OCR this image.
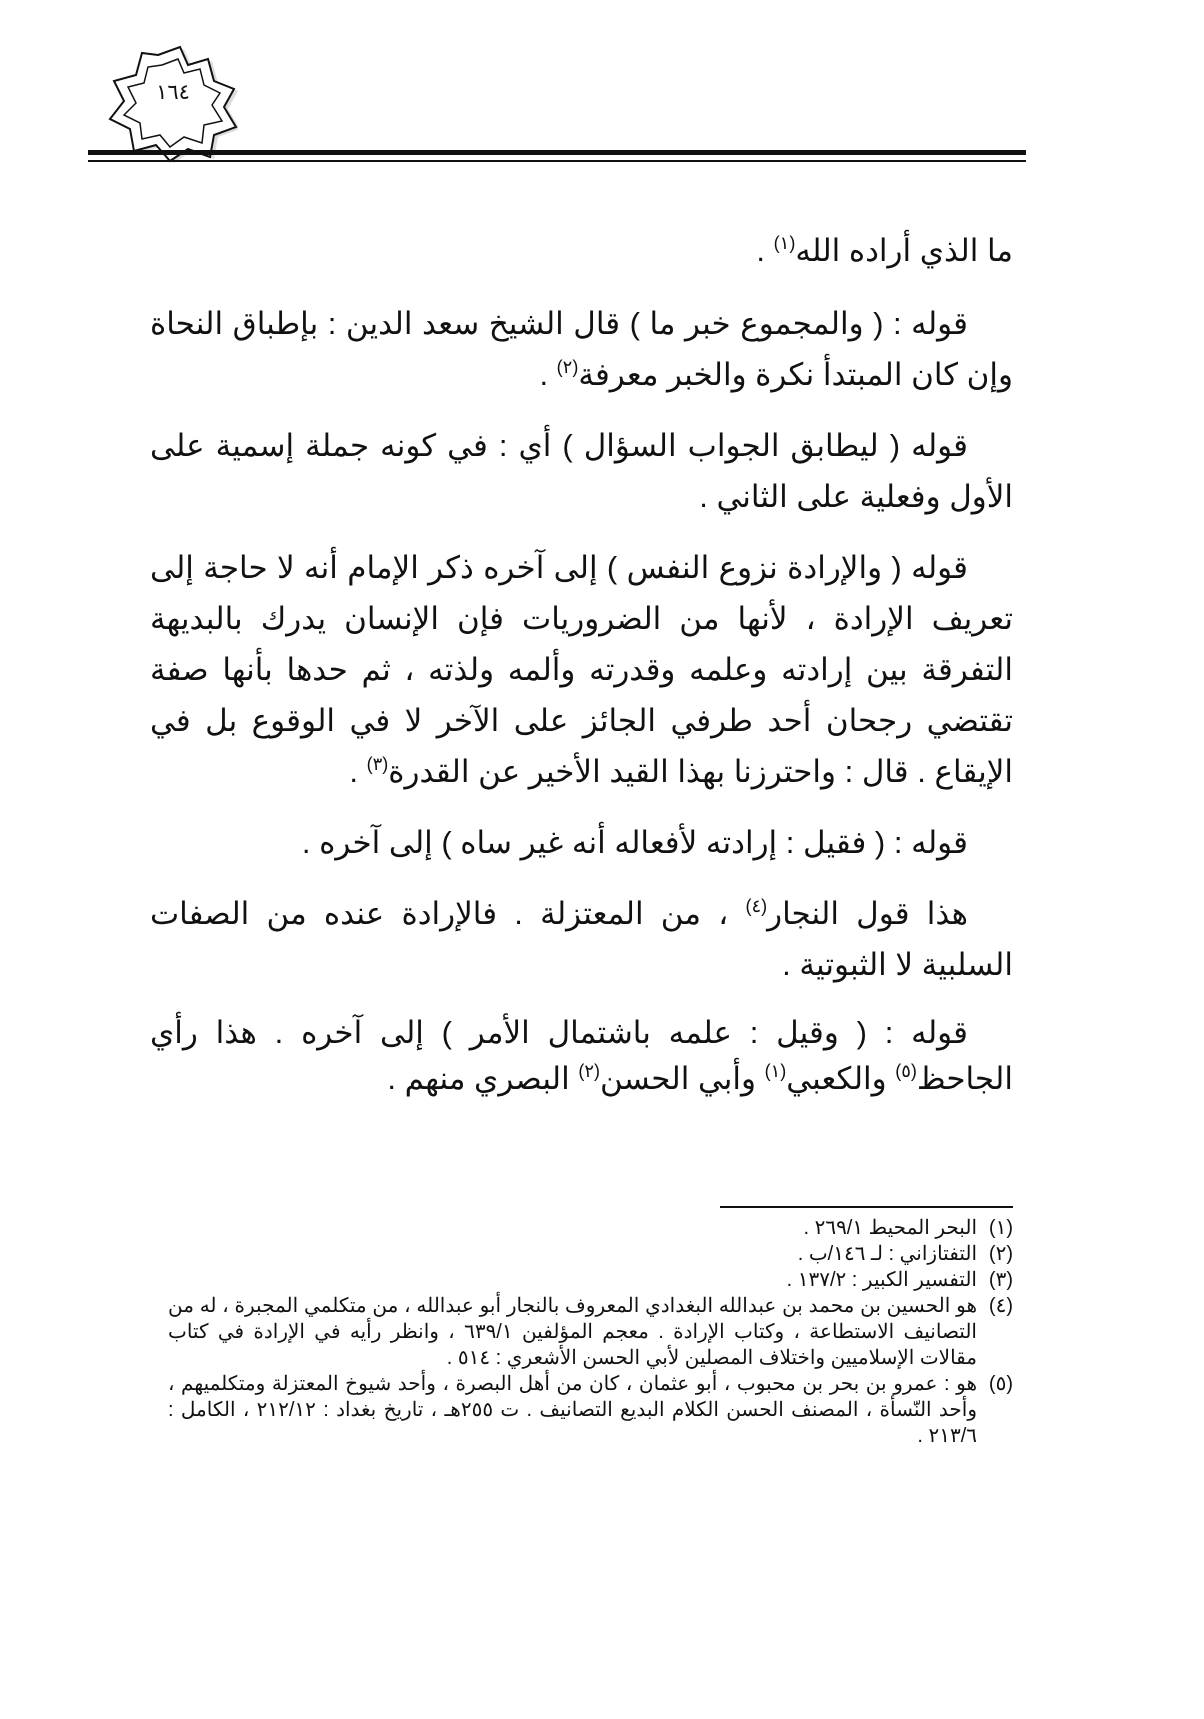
١٦٤

ما الذي أراده الله$^{(١)}$ .

قوله : ( والمجموع خبر ما ) قال الشيخ سعد الدين : بإطباق النحاة وإن كان المبتدأ نكرة والخبر معرفة$^{(٢)}$ .

قوله ( ليطابق الجواب السؤال ) أي : في كونه جملة إسمية على الأول وفعلية على الثاني .

قوله ( والإرادة نزوع النفس ) إلى آخره ذكر الإمام أنه لا حاجة إلى تعريف الإرادة ، لأنها من الضروريات فإن الإنسان يدرك بالبديهة التفرقة بين إرادته وعلمه وقدرته وألمه ولذته ، ثم حدها بأنها صفة تقتضي رجحان أحد طرفي الجائز على الآخر لا في الوقوع بل في الإيقاع . قال : واحترزنا بهذا القيد الأخير عن القدرة$^{(٣)}$ .

قوله : ( فقيل : إرادته لأفعاله أنه غير ساه ) إلى آخره .

هذا قول النجار$^{(٤)}$ ، من المعتزلة . فالإرادة عنده من الصفات السلبية لا الثبوتية .

قوله : ( وقيل : علمه باشتمال الأمر ) إلى آخره . هذا رأي الجاحظ$^{(٥)}$ والكعبي$^{(١)}$ وأبي الحسن$^{(٢)}$ البصري منهم .

(١)البحر المحيط ٢٦٩/١ .

(٢)التفتازاني : لـ ١٤٦/ب .

(٣)التفسير الكبير : ١٣٧/٢ .

(٤)هو الحسين بن محمد بن عبدالله البغدادي المعروف بالنجار أبو عبدالله ، من متكلمي المجبرة ، له من التصانيف الاستطاعة ، وكتاب الإرادة . معجم المؤلفين ٦٣٩/١ ، وانظر رأيه في الإرادة في كتاب مقالات الإسلاميين واختلاف المصلين لأبي الحسن الأشعري : ٥١٤ .

(٥)هو : عمرو بن بحر بن محبوب ، أبو عثمان ، كان من أهل البصرة ، وأحد شيوخ المعتزلة ومتكلميهم ، وأحد النّسأة ، المصنف الحسن الكلام البديع التصانيف . ت ٢٥٥هـ ، تاريخ بغداد : ٢١٢/١٢ ، الكامل : ٢١٣/٦ .
